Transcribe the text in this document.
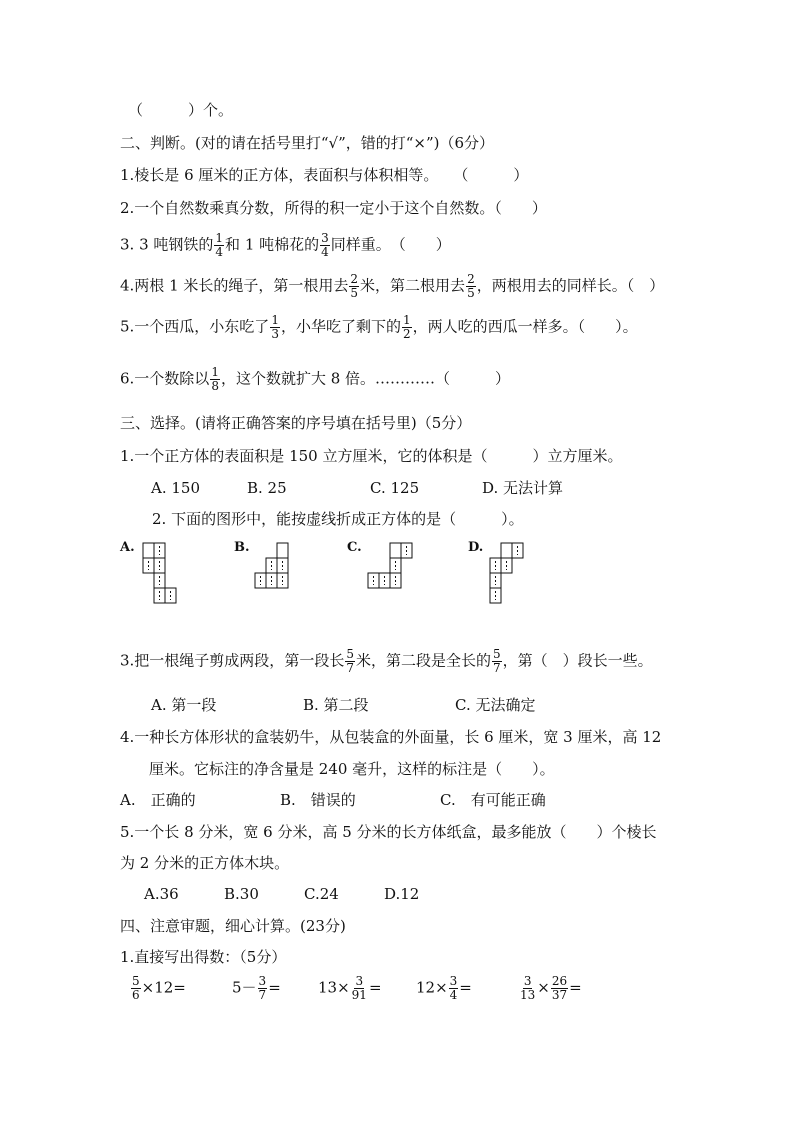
（　　　）个。
二、判断。(对的请在括号里打“√”，错的打“×”)（6分）
1.棱长是 6 厘米的正方体，表面积与体积相等。　　（　　　）
2.一个自然数乘真分数，所得的积一定小于这个自然数。（　　）
3. 3 吨钢铁的 $\frac{1}{4}$ 和 1 吨棉花的 $\frac{3}{4}$ 同样重。　（　　）
4.两根 1 米长的绳子，第一根用去 $\frac{2}{5}$ 米，第二根用去 $\frac{2}{5}$ ，两根用去的同样长。（　）
5.一个西瓜，小东吃了 $\frac{1}{3}$ ，小华吃了剩下的 $\frac{1}{2}$ ，两人吃的西瓜一样多。（　　）。
6.一个数除以 $\frac{1}{8}$ ，这个数就扩大 8 倍。…………（　　　）
三、选择。(请将正确答案的序号填在括号里)（5分）
1.一个正方体的表面积是 150 立方厘米，它的体积是（　　　）立方厘米。
A. 150	B. 25	C. 125	D. 无法计算
2. 下面的图形中，能按虚线折成正方体的是（　　　）。
A.	B.	C.	D.
3.把一根绳子剪成两段，第一段长 $\frac{5}{7}$ 米，第二段是全长的 $\frac{5}{7}$ ，第（　）段长一些。
A. 第一段	B. 第二段	C. 无法确定
4.一种长方体形状的盒装奶牛，从包装盒的外面量，长 6 厘米，宽 3 厘米，高 12
厘米。它标注的净含量是 240 毫升，这样的标注是（　　）。
A.　正确的	B.　错误的	C.　有可能正确
5.一个长 8 分米，宽 6 分米，高 5 分米的长方体纸盒，最多能放（　　）个棱长
为 2 分米的正方体木块。
A.36	B.30	C.24	D.12
四、注意审题，细心计算。(23分)
1.直接写出得数：（5分）
$\frac{5}{6} \times 12=$	$5- \frac{3}{7} = 13\times \frac{3}{91} = 12\times \frac{3}{4}$ =	$\frac{3}{13} \times \frac{26}{37}$ =
